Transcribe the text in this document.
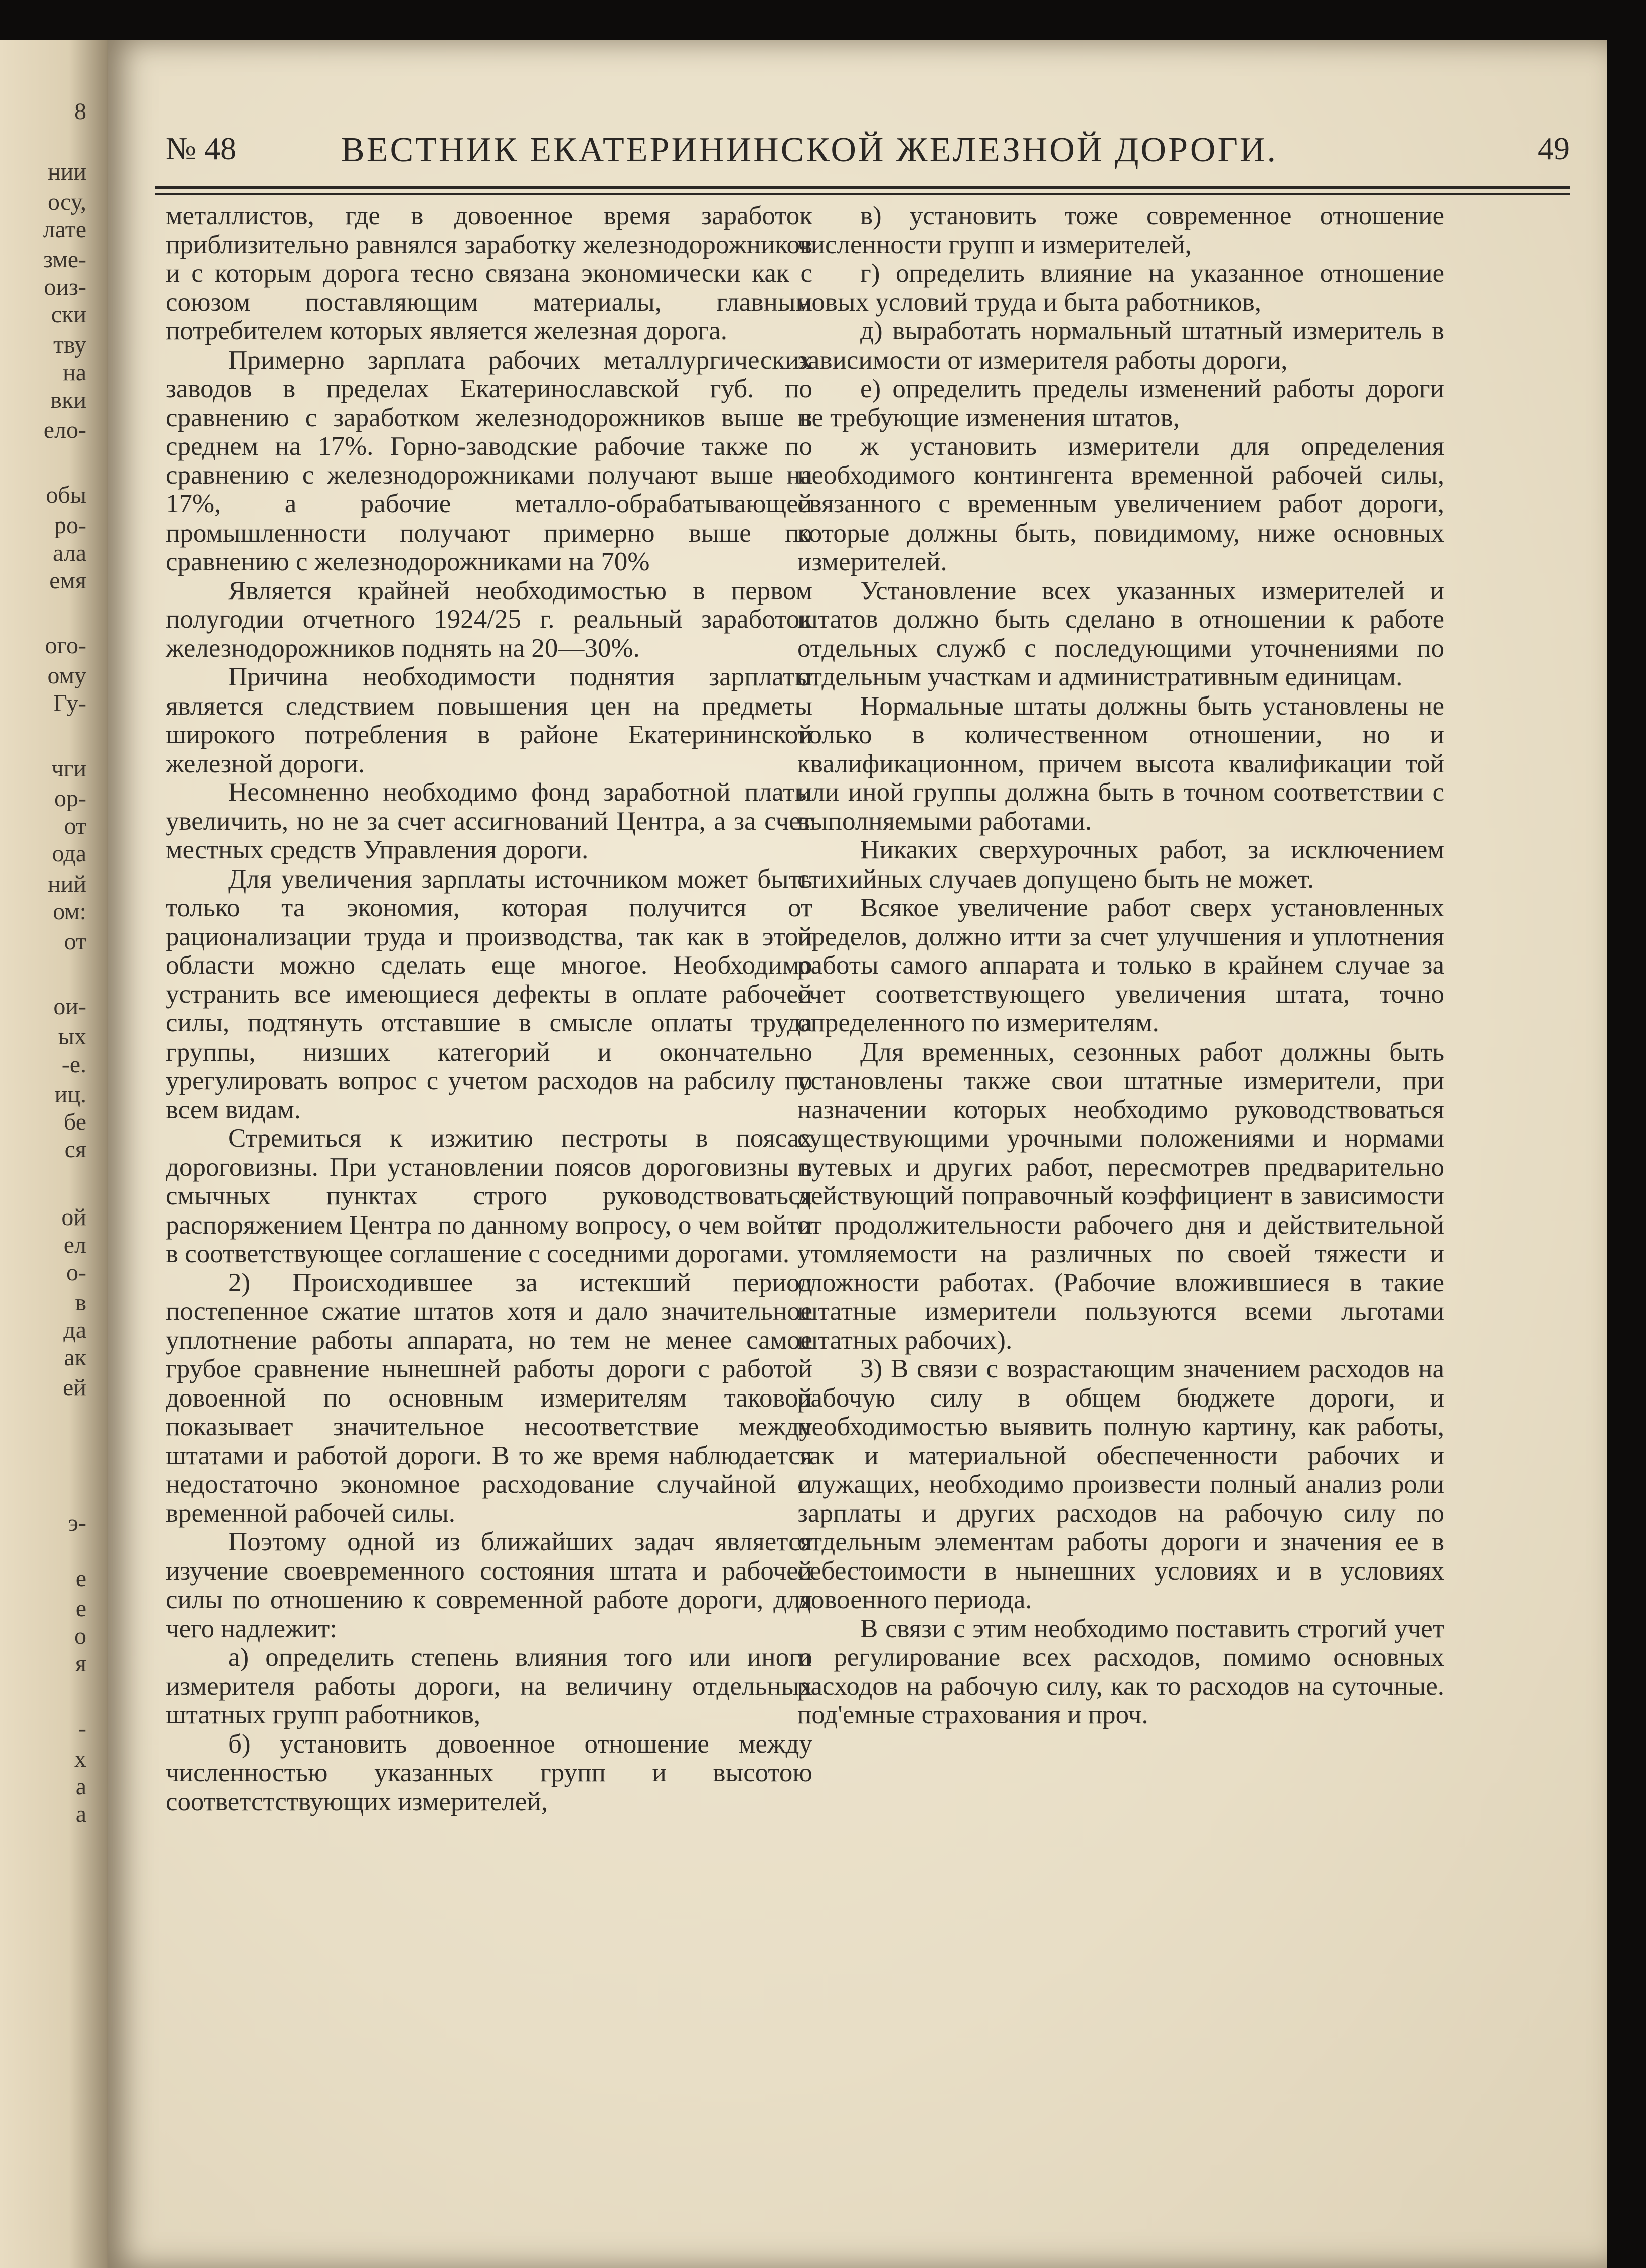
8
нии
осу,
лате
зме-
оиз-
ски
тву
на
вки
ело-
обы
ро-
ала
емя
ого-
ому
Гу-
чги
ор-
от
ода
ний
ом:
от
ои-
ых
-е.
иц.
бе
ся
ой
ел
о-
в
да
ак
ей
э-
е
е
о
я
-
х
а
а
№ 48	ВЕСТНИК ЕКАТЕРИНИНСКОЙ ЖЕЛЕЗНОЙ ДОРОГИ.	49

металлистов, где в довоенное время заработок приблизительно равнялся заработку железнодорожников и с которым дорога тесно связана экономически как с союзом поставляющим материалы, главным потребителем которых является железная дорога.

Примерно зарплата рабочих металлургических заводов в пределах Екатеринославской губ. по сравнению с заработком железнодорожников выше в среднем на 17%. Горно-заводские рабочие также по сравнению с железнодорожниками получают выше на 17%, а рабочие металло-обрабатывающей промышленности получают примерно выше по сравнению с железнодорожниками на 70%

Является крайней необходимостью в первом полугодии отчетного 1924/25 г. реальный заработок железнодорожников поднять на 20—30%.

Причина необходимости поднятия зарплаты является следствием повышения цен на предметы широкого потребления в районе Екатерининской железной дороги.

Несомненно необходимо фонд заработной платы увеличить, но не за счет ассигнований Центра, а за счет местных средств Управления дороги.

Для увеличения зарплаты источником может быть только та экономия, которая получится от рационализации труда и производства, так как в этой области можно сделать еще многое. Необходимо устранить все имеющиеся дефекты в оплате рабочей силы, подтянуть отставшие в смысле оплаты труда группы, низших категорий и окончательно урегулировать вопрос с учетом расходов на рабсилу по всем видам.

Стремиться к изжитию пестроты в поясах дороговизны. При установлении поясов дороговизны в смычных пунктах строго руководствоваться распоряжением Центра по данному вопросу, о чем войти в соответствующее соглашение с соседними дорогами.

2) Происходившее за истекший период постепенное сжатие штатов хотя и дало значительное уплотнение работы аппарата, но тем не менее самое грубое сравнение нынешней работы дороги с работой довоенной по основным измерителям таковой показывает значительное несоответствие между штатами и работой дороги. В то же время наблюдается недостаточно экономное расходование случайной и временной рабочей силы.

Поэтому одной из ближайших задач является изучение своевременного состояния штата и рабочей силы по отношению к современной работе дороги, для чего надлежит:

а) определить степень влияния того или иного измерителя работы дороги, на величину отдельных штатных групп работников,

б) установить довоенное отношение между численностью указанных групп и высотою соответстствующих измерителей,

в) установить тоже современное отношение численности групп и измерителей,

г) определить влияние на указанное отношение новых условий труда и быта работников,

д) выработать нормальный штатный измеритель в зависимости от измерителя работы дороги,

е) определить пределы изменений работы дороги не требующие изменения штатов,

ж установить измерители для определения необходимого контингента временной рабочей силы, связанного с временным увеличением работ дороги, которые должны быть, повидимому, ниже основных измерителей.

Установление всех указанных измерителей и штатов должно быть сделано в отношении к работе отдельных служб с последующими уточнениями по отдельным участкам и административным единицам.

Нормальные штаты должны быть установлены не только в количественном отношении, но и квалификационном, причем высота квалификации той или иной группы должна быть в точном соответствии с выполняемыми работами.

Никаких сверхурочных работ, за исключением стихийных случаев допущено быть не может.

Всякое увеличение работ сверх установленных пределов, должно итти за счет улучшения и уплотнения работы самого аппарата и только в крайнем случае за счет соответствующего увеличения штата, точно определенного по измерителям.

Для временных, сезонных работ должны быть установлены также свои штатные измерители, при назначении которых необходимо руководствоваться существующими урочными положениями и нормами путевых и других работ, пересмотрев предварительно действующий поправочный коэффициент в зависимости от продолжительности рабочего дня и действительной утомляемости на различных по своей тяжести и сложности работах. (Рабочие вложившиеся в такие штатные измерители пользуются всеми льготами штатных рабочих).

3) В связи с возрастающим значением расходов на рабочую силу в общем бюджете дороги, и необходимостью выявить полную картину, как работы, так и материальной обеспеченности рабочих и служащих, необходимо произвести полный анализ роли зарплаты и других расходов на рабочую силу по отдельным элементам работы дороги и значения ее в себестоимости в нынешних условиях и в условиях довоенного периода.

В связи с этим необходимо поставить строгий учет и регулирование всех расходов, помимо основных расходов на рабочую силу, как то расходов на суточные. под'емные страхования и проч.
